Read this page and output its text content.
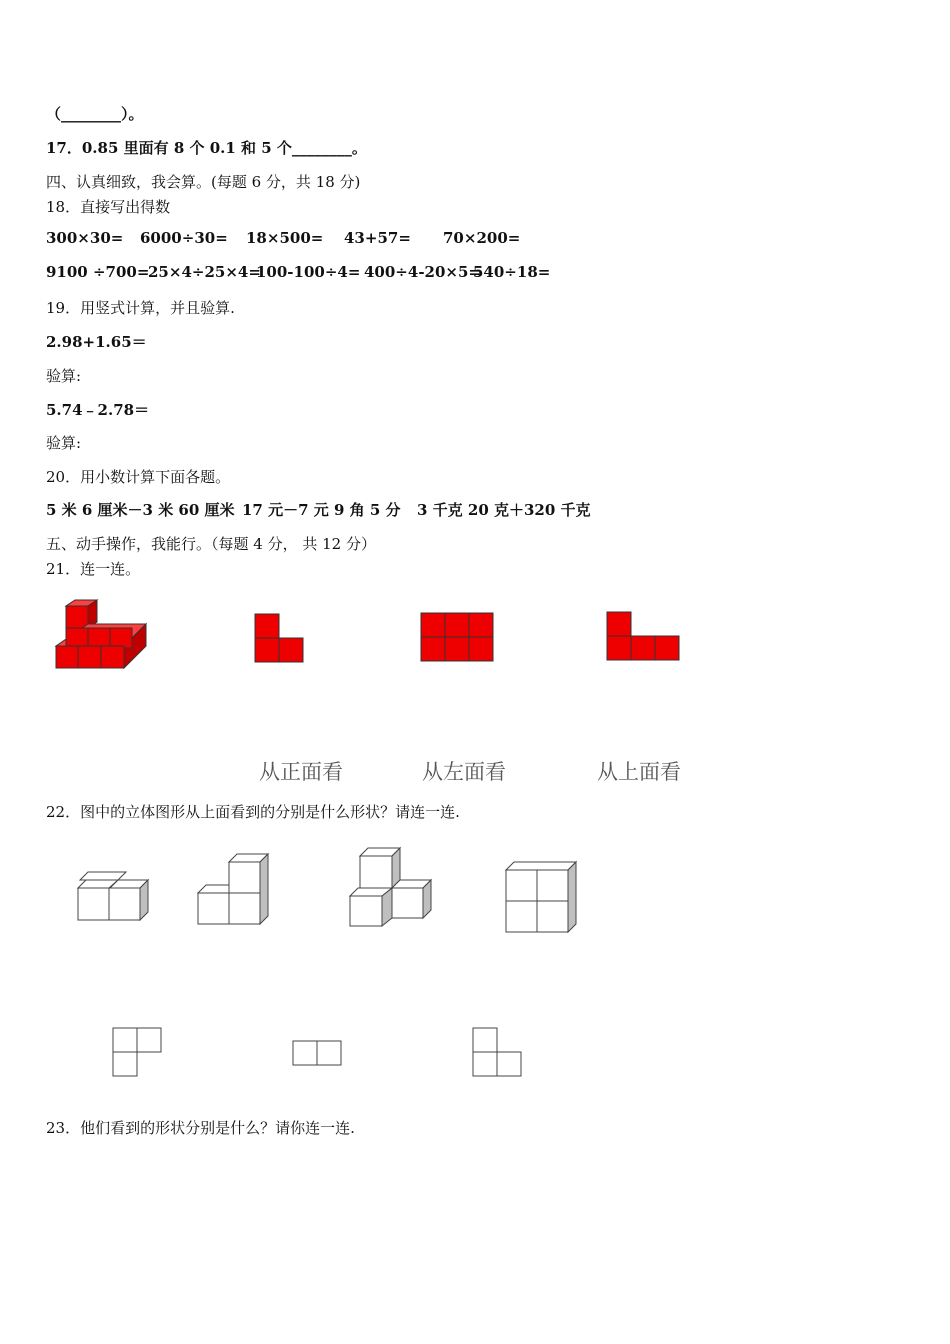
（________）。
17．0.85 里面有 8 个 0.1 和 5 个________。
四、认真细致，我会算。(每题 6 分，共 18 分)
18．直接写出得数
300×30= 6000÷30= 18×500= 43+57= 70×200=
9100 ÷700=
25×4÷25×4=
100-100÷4= 400÷4-20×5=
540÷18=
19．用竖式计算，并且验算.
2.98+1.65＝
验算:
5.74﹣2.78＝
验算:
20．用小数计算下面各题。
5 米 6 厘米－3 米 60 厘米 17 元－7 元 9 角 5 分 3 千克 20 克＋320 千克
五、动手操作，我能行。（每题 4 分， 共 12 分）
21．连一连。
从正面看	从左面看	从上面看
22．图中的立体图形从上面看到的分别是什么形状？请连一连.
23．他们看到的形状分别是什么？请你连一连.
